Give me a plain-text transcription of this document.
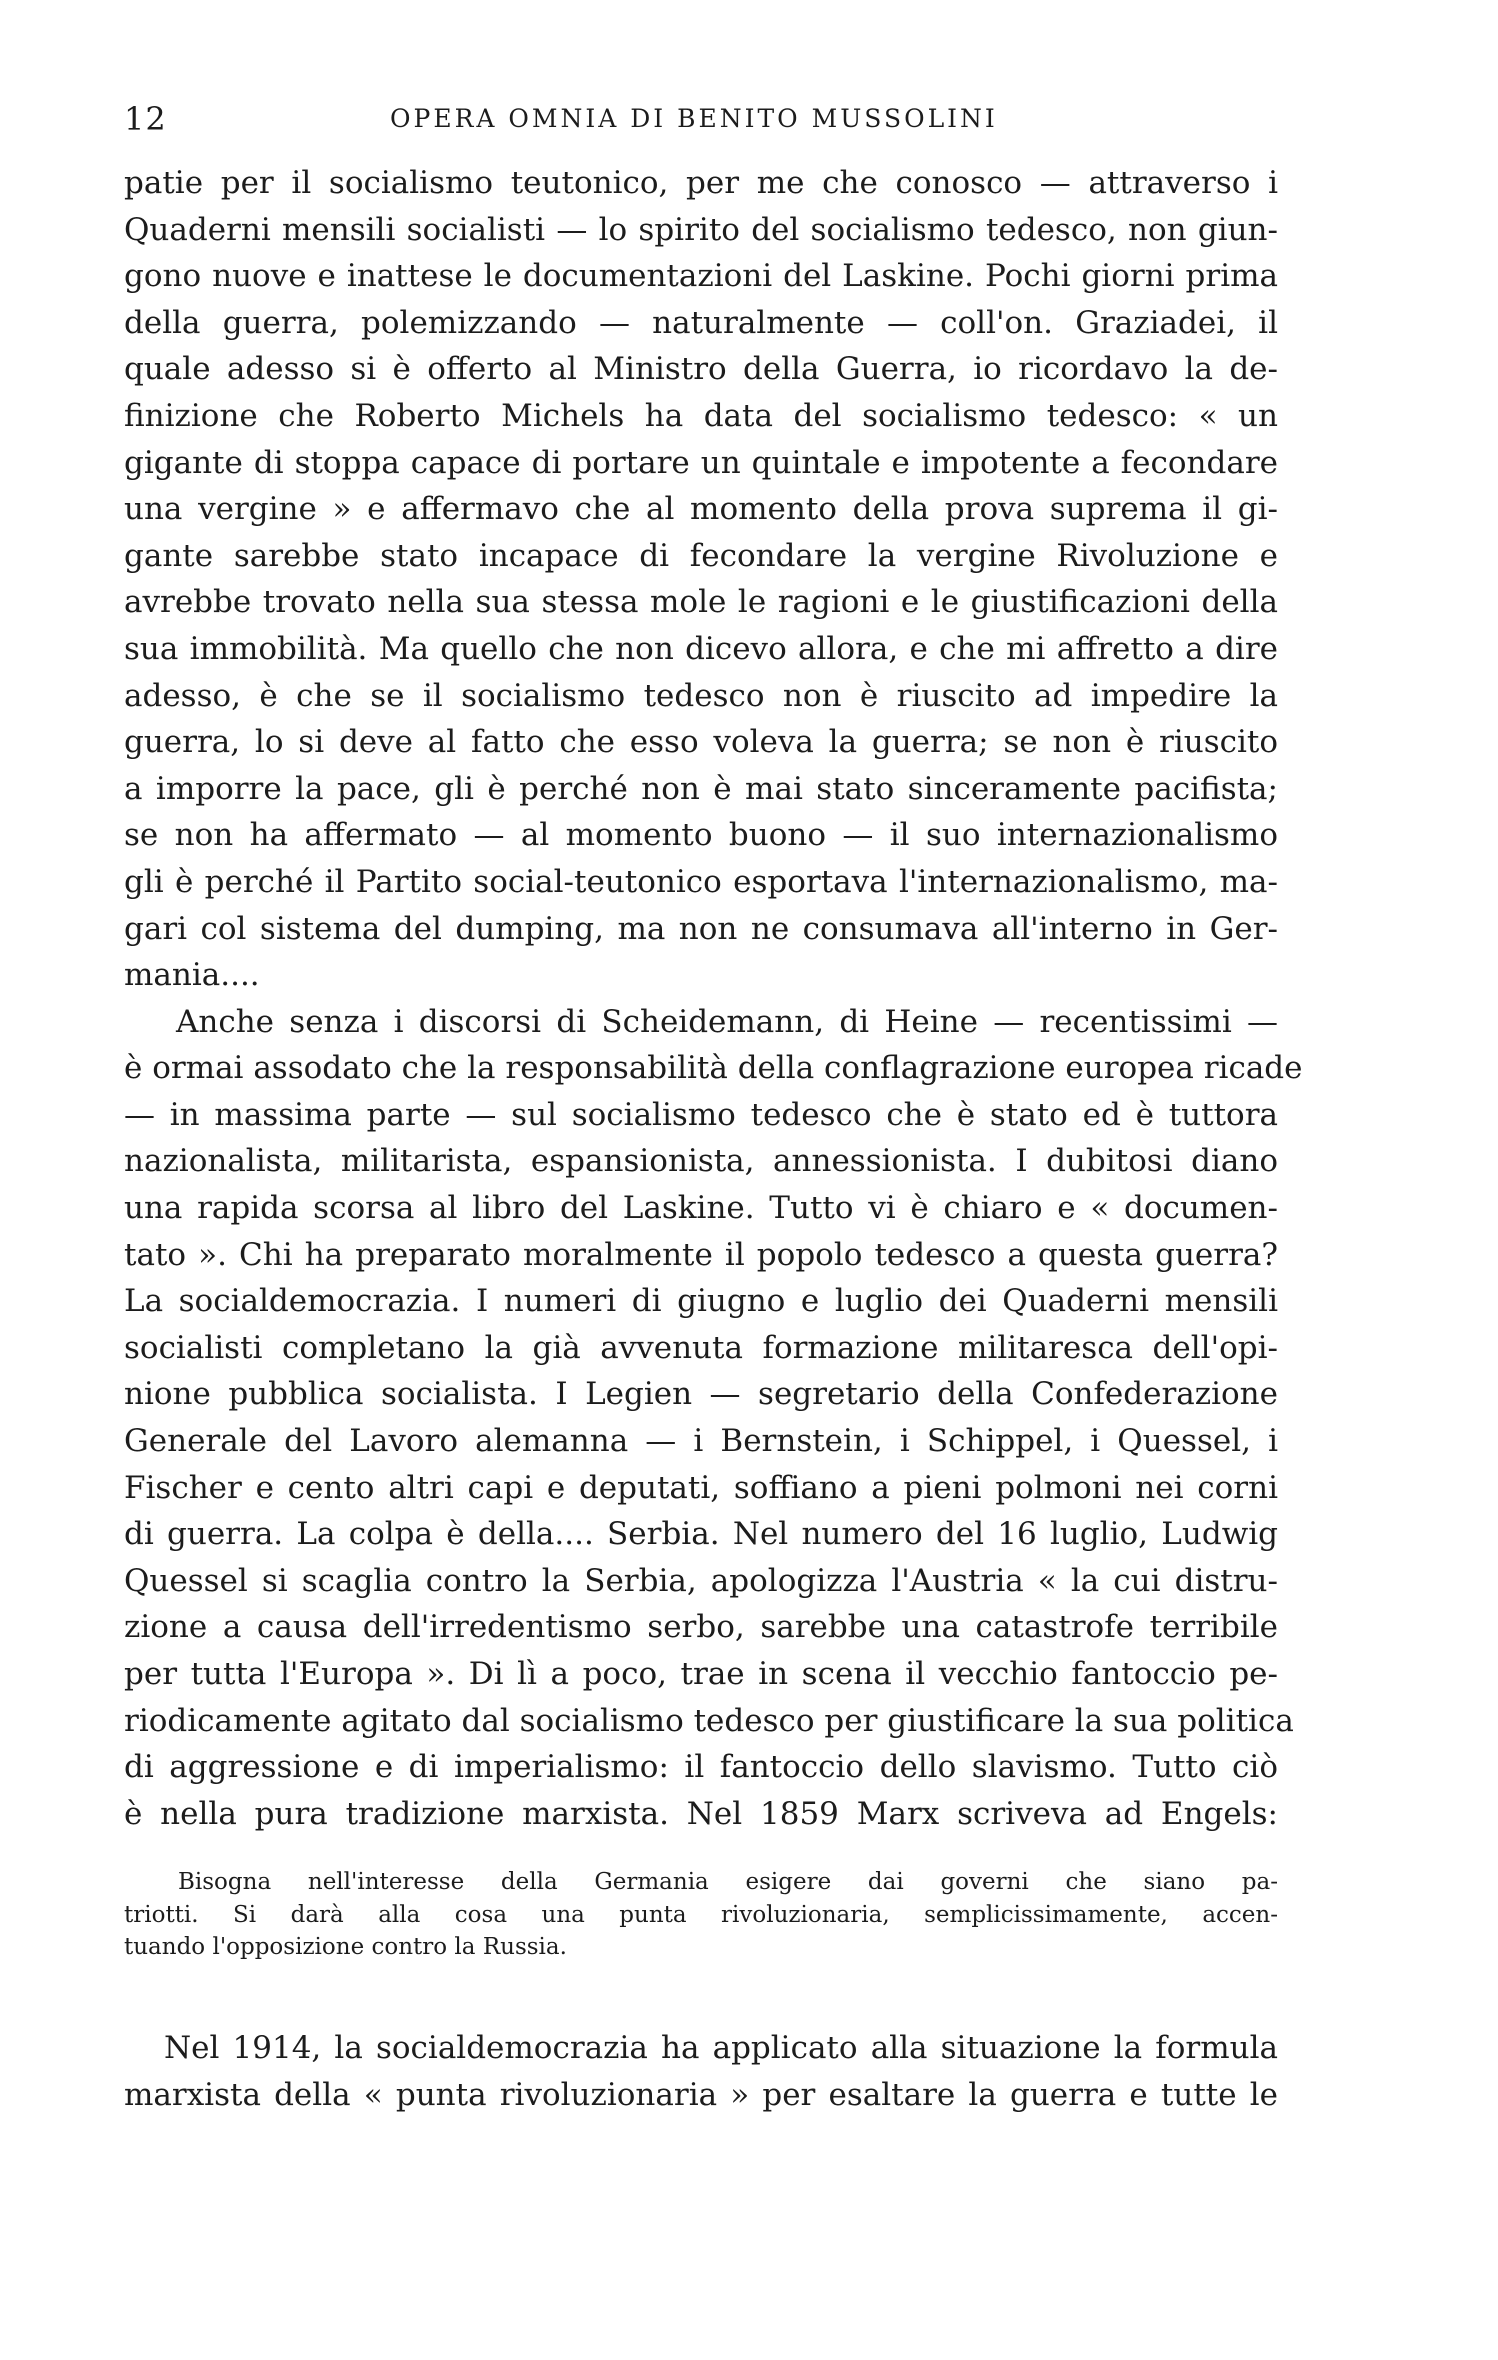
12	OPERA OMNIA DI BENITO MUSSOLINI
patie per il socialismo teutonico, per me che conosco — attraverso i
Quaderni mensili socialisti — lo spirito del socialismo tedesco, non giun-
gono nuove e inattese le documentazioni del Laskine. Pochi giorni prima
della guerra, polemizzando — naturalmente — coll'on. Graziadei, il
quale adesso si è offerto al Ministro della Guerra, io ricordavo la de-
finizione che Roberto Michels ha data del socialismo tedesco: « un
gigante di stoppa capace di portare un quintale e impotente a fecondare
una vergine » e affermavo che al momento della prova suprema il gi-
gante sarebbe stato incapace di fecondare la vergine Rivoluzione e
avrebbe trovato nella sua stessa mole le ragioni e le giustificazioni della
sua immobilità. Ma quello che non dicevo allora, e che mi affretto a dire
adesso, è che se il socialismo tedesco non è riuscito ad impedire la
guerra, lo si deve al fatto che esso voleva la guerra; se non è riuscito
a imporre la pace, gli è perché non è mai stato sinceramente pacifista;
se non ha affermato — al momento buono — il suo internazionalismo
gli è perché il Partito social-teutonico esportava l'internazionalismo, ma-
gari col sistema del dumping, ma non ne consumava all'interno in Ger-
mania....
Anche senza i discorsi di Scheidemann, di Heine — recentissimi —
è ormai assodato che la responsabilità della conflagrazione europea ricade
— in massima parte — sul socialismo tedesco che è stato ed è tuttora
nazionalista, militarista, espansionista, annessionista. I dubitosi diano
una rapida scorsa al libro del Laskine. Tutto vi è chiaro e « documen-
tato ». Chi ha preparato moralmente il popolo tedesco a questa guerra?
La socialdemocrazia. I numeri di giugno e luglio dei Quaderni mensili
socialisti completano la già avvenuta formazione militaresca dell'opi-
nione pubblica socialista. I Legien — segretario della Confederazione
Generale del Lavoro alemanna — i Bernstein, i Schippel, i Quessel, i
Fischer e cento altri capi e deputati, soffiano a pieni polmoni nei corni
di guerra. La colpa è della.... Serbia. Nel numero del 16 luglio, Ludwig
Quessel si scaglia contro la Serbia, apologizza l'Austria « la cui distru-
zione a causa dell'irredentismo serbo, sarebbe una catastrofe terribile
per tutta l'Europa ». Di lì a poco, trae in scena il vecchio fantoccio pe-
riodicamente agitato dal socialismo tedesco per giustificare la sua politica
di aggressione e di imperialismo: il fantoccio dello slavismo. Tutto ciò
è nella pura tradizione marxista. Nel 1859 Marx scriveva ad Engels:
Bisogna nell'interesse della Germania esigere dai governi che siano pa-
triotti. Si darà alla cosa una punta rivoluzionaria, semplicissimamente, accen-
tuando l'opposizione contro la Russia.
Nel 1914, la socialdemocrazia ha applicato alla situazione la formula
marxista della « punta rivoluzionaria » per esaltare la guerra e tutte le
